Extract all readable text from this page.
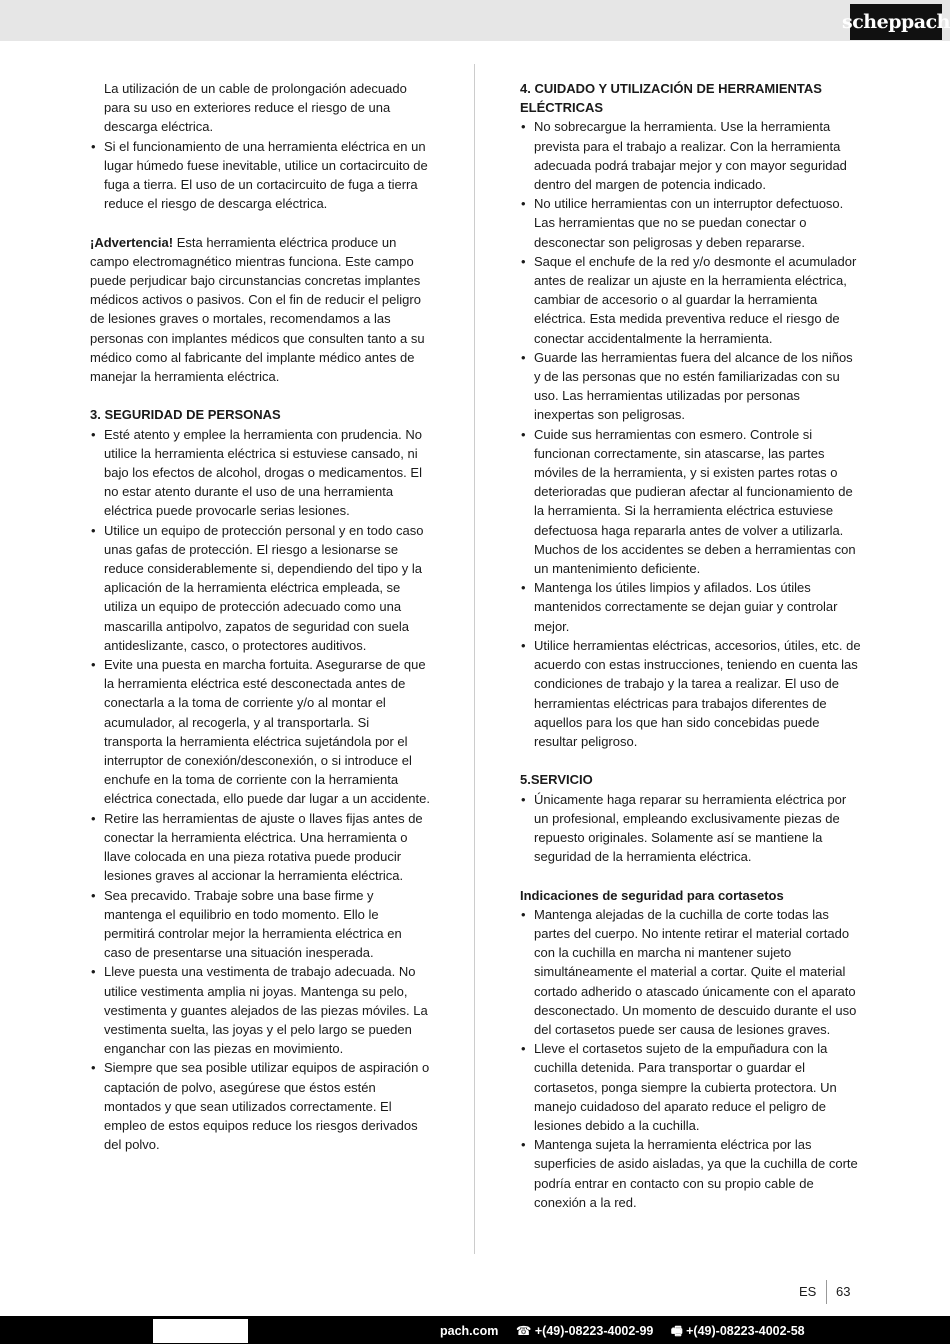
scheppach

La utilización de un cable de prolongación adecuado para su uso en exteriores reduce el riesgo de una descarga eléctrica.

• Si el funcionamiento de una herramienta eléctrica en un lugar húmedo fuese inevitable, utilice un cortacircuito de fuga a tierra. El uso de un cortacircuito de fuga a tierra reduce el riesgo de descarga eléctrica.

¡Advertencia! Esta herramienta eléctrica produce un campo electromagnético mientras funciona. Este campo puede perjudicar bajo circunstancias concretas implantes médicos activos o pasivos. Con el fin de reducir el peligro de lesiones graves o mortales, recomendamos a las personas con implantes médicos que consulten tanto a su médico como al fabricante del implante médico antes de manejar la herramienta eléctrica.

3. SEGURIDAD DE PERSONAS

• Esté atento y emplee la herramienta con prudencia. No utilice la herramienta eléctrica si estuviese cansado, ni bajo los efectos de alcohol, drogas o medicamentos. El no estar atento durante el uso de una herramienta eléctrica puede provocarle serias lesiones.
• Utilice un equipo de protección personal y en todo caso unas gafas de protección. El riesgo a lesionarse se reduce considerablemente si, dependiendo del tipo y la aplicación de la herramienta eléctrica empleada, se utiliza un equipo de protección adecuado como una mascarilla antipolvo, zapatos de seguridad con suela antideslizante, casco, o protectores auditivos.
• Evite una puesta en marcha fortuita. Asegurarse de que la herramienta eléctrica esté desconectada antes de conectarla a la toma de corriente y/o al montar el acumulador, al recogerla, y al transportarla. Si transporta la herramienta eléctrica sujetándola por el interruptor de conexión/desconexión, o si introduce el enchufe en la toma de corriente con la herramienta eléctrica conectada, ello puede dar lugar a un accidente.
• Retire las herramientas de ajuste o llaves fijas antes de conectar la herramienta eléctrica. Una herramienta o llave colocada en una pieza rotativa puede producir lesiones graves al accionar la herramienta eléctrica.
• Sea precavido. Trabaje sobre una base firme y mantenga el equilibrio en todo momento. Ello le permitirá controlar mejor la herramienta eléctrica en caso de presentarse una situación inesperada.
• Lleve puesta una vestimenta de trabajo adecuada. No utilice vestimenta amplia ni joyas. Mantenga su pelo, vestimenta y guantes alejados de las piezas móviles. La vestimenta suelta, las joyas y el pelo largo se pueden enganchar con las piezas en movimiento.
• Siempre que sea posible utilizar equipos de aspiración o captación de polvo, asegúrese que éstos estén montados y que sean utilizados correctamente. El empleo de estos equipos reduce los riesgos derivados del polvo.

4. CUIDADO Y UTILIZACIÓN DE HERRAMIENTAS ELÉCTRICAS

• No sobrecargue la herramienta. Use la herramienta prevista para el trabajo a realizar. Con la herramienta adecuada podrá trabajar mejor y con mayor seguridad dentro del margen de potencia indicado.
• No utilice herramientas con un interruptor defectuoso. Las herramientas que no se puedan conectar o desconectar son peligrosas y deben repararse.
• Saque el enchufe de la red y/o desmonte el acumulador antes de realizar un ajuste en la herramienta eléctrica, cambiar de accesorio o al guardar la herramienta eléctrica. Esta medida preventiva reduce el riesgo de conectar accidentalmente la herramienta.
• Guarde las herramientas fuera del alcance de los niños y de las personas que no estén familiarizadas con su uso. Las herramientas utilizadas por personas inexpertas son peligrosas.
• Cuide sus herramientas con esmero. Controle si funcionan correctamente, sin atascarse, las partes móviles de la herramienta, y si existen partes rotas o deterioradas que pudieran afectar al funcionamiento de la herramienta. Si la herramienta eléctrica estuviese defectuosa haga repararla antes de volver a utilizarla. Muchos de los accidentes se deben a herramientas con un mantenimiento deficiente.
• Mantenga los útiles limpios y afilados. Los útiles mantenidos correctamente se dejan guiar y controlar mejor.
• Utilice herramientas eléctricas, accesorios, útiles, etc. de acuerdo con estas instrucciones, teniendo en cuenta las condiciones de trabajo y la tarea a realizar. El uso de herramientas eléctricas para trabajos diferentes de aquellos para los que han sido concebidas puede resultar peligroso.

5.SERVICIO

• Únicamente haga reparar su herramienta eléctrica por un profesional, empleando exclusivamente piezas de repuesto originales. Solamente así se mantiene la seguridad de la herramienta eléctrica.

Indicaciones de seguridad para cortasetos

• Mantenga alejadas de la cuchilla de corte todas las partes del cuerpo. No intente retirar el material cortado con la cuchilla en marcha ni mantener sujeto simultáneamente el material a cortar. Quite el material cortado adherido o atascado únicamente con el aparato desconectado. Un momento de descuido durante el uso del cortasetos puede ser causa de lesiones graves.
• Lleve el cortasetos sujeto de la empuñadura con la cuchilla detenida. Para transportar o guardar el cortasetos, ponga siempre la cubierta protectora. Un manejo cuidadoso del aparato reduce el peligro de lesiones debido a la cuchilla.
• Mantenga sujeta la herramienta eléctrica por las superficies de asido aisladas, ya que la cuchilla de corte podría entrar en contacto con su propio cable de conexión a la red.
ES 63
pach.com ☎ +(49)-08223-4002-99 🖷 +(49)-08223-4002-58
